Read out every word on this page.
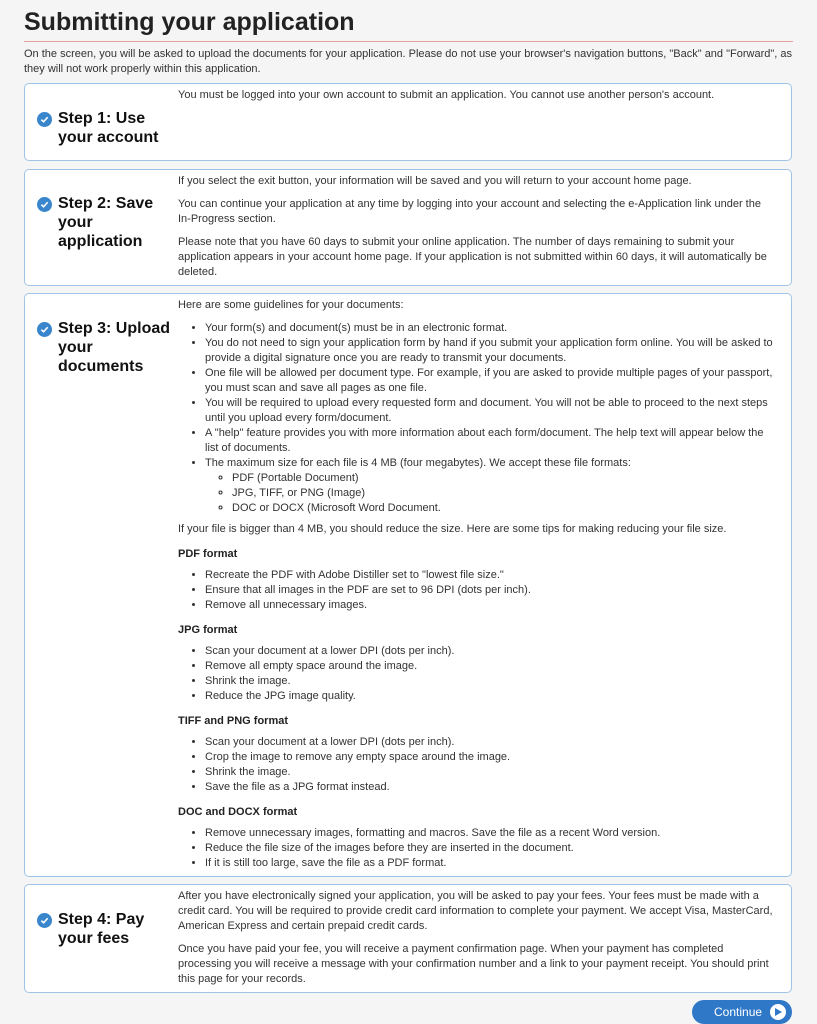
Submitting your application
On the screen, you will be asked to upload the documents for your application. Please do not use your browser's navigation buttons, "Back" and "Forward", as they will not work properly within this application.
Step 1: Use your account

You must be logged into your own account to submit an application. You cannot use another person's account.

Step 2: Save your application

If you select the exit button, your information will be saved and you will return to your account home page.

You can continue your application at any time by logging into your account and selecting the e-Application link under the In-Progress section.

Please note that you have 60 days to submit your online application. The number of days remaining to submit your application appears in your account home page. If your application is not submitted within 60 days, it will automatically be deleted.

Step 3: Upload your documents

Here are some guidelines for your documents:

• Your form(s) and document(s) must be in an electronic format.
• You do not need to sign your application form by hand if you submit your application form online. You will be asked to provide a digital signature once you are ready to transmit your documents.
• One file will be allowed per document type. For example, if you are asked to provide multiple pages of your passport, you must scan and save all pages as one file.
• You will be required to upload every requested form and document. You will not be able to proceed to the next steps until you upload every form/document.
• A "help" feature provides you with more information about each form/document. The help text will appear below the list of documents.
• The maximum size for each file is 4 MB (four megabytes). We accept these file formats:
◦ PDF (Portable Document)
◦ JPG, TIFF, or PNG (Image)
◦ DOC or DOCX (Microsoft Word Document.

If your file is bigger than 4 MB, you should reduce the size. Here are some tips for making reducing your file size.

PDF format
• Recreate the PDF with Adobe Distiller set to "lowest file size."
• Ensure that all images in the PDF are set to 96 DPI (dots per inch).
• Remove all unnecessary images.
JPG format
• Scan your document at a lower DPI (dots per inch).
• Remove all empty space around the image.
• Shrink the image.
• Reduce the JPG image quality.
TIFF and PNG format
• Scan your document at a lower DPI (dots per inch).
• Crop the image to remove any empty space around the image.
• Shrink the image.
• Save the file as a JPG format instead.
DOC and DOCX format
• Remove unnecessary images, formatting and macros. Save the file as a recent Word version.
• Reduce the file size of the images before they are inserted in the document.
• If it is still too large, save the file as a PDF format.
Step 4: Pay your fees

After you have electronically signed your application, you will be asked to pay your fees. Your fees must be made with a credit card. You will be required to provide credit card information to complete your payment. We accept Visa, MasterCard, American Express and certain prepaid credit cards.

Once you have paid your fee, you will receive a payment confirmation page. When your payment has completed processing you will receive a message with your confirmation number and a link to your payment receipt. You should print this page for your records.

Continue
